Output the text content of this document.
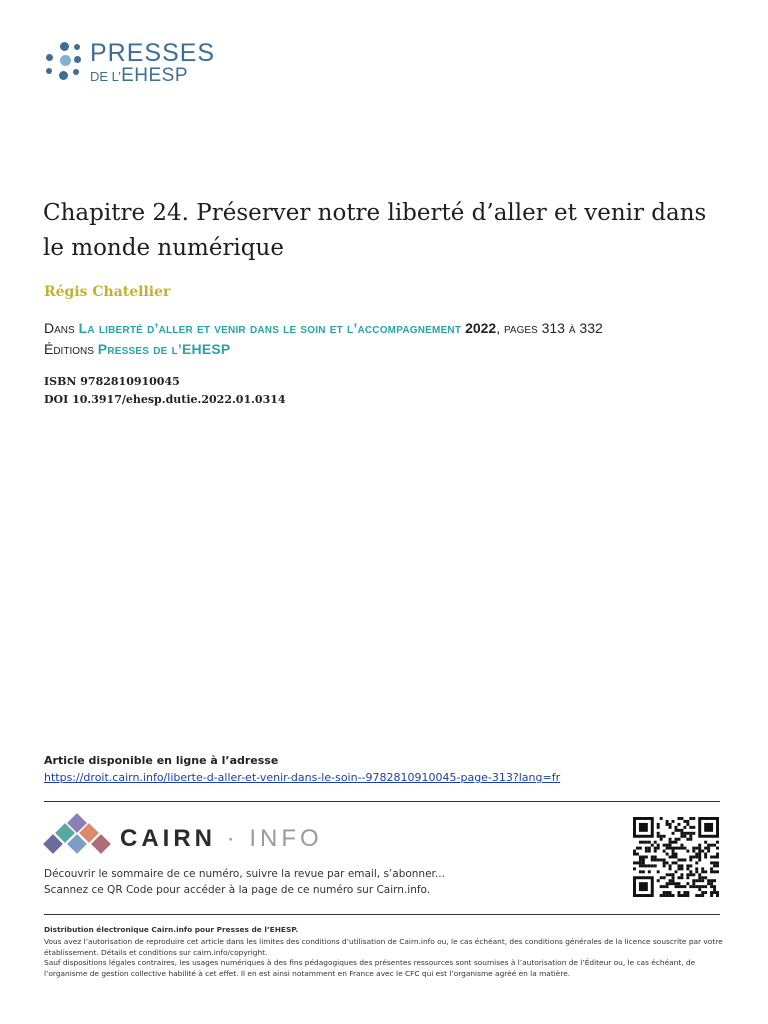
PRESSES
DE L’EHESP
Chapitre 24. Préserver notre liberté d’aller et venir dans le monde numérique
Régis Chatellier
Dans La liberté d’aller et venir dans le soin et l’accompagnement 2022, pages 313 à 332
Éditions Presses de l’EHESP
ISBN 9782810910045
DOI 10.3917/ehesp.dutie.2022.01.0314
Article disponible en ligne à l’adresse
https://droit.cairn.info/liberte-d-aller-et-venir-dans-le-soin--9782810910045-page-313?lang=fr
CAIRN · INFO
Découvrir le sommaire de ce numéro, suivre la revue par email, s’abonner...
Scannez ce QR Code pour accéder à la page de ce numéro sur Cairn.info.
Distribution électronique Cairn.info pour Presses de l’EHESP.
Vous avez l’autorisation de reproduire cet article dans les limites des conditions d’utilisation de Cairn.info ou, le cas échéant, des conditions générales de la licence souscrite par votre établissement. Détails et conditions sur cairn.info/copyright.
Sauf dispositions légales contraires, les usages numériques à des fins pédagogiques des présentes ressources sont soumises à l’autorisation de l’Éditeur ou, le cas échéant, de l’organisme de gestion collective habilité à cet effet. Il en est ainsi notamment en France avec le CFC qui est l’organisme agréé en la matière.
